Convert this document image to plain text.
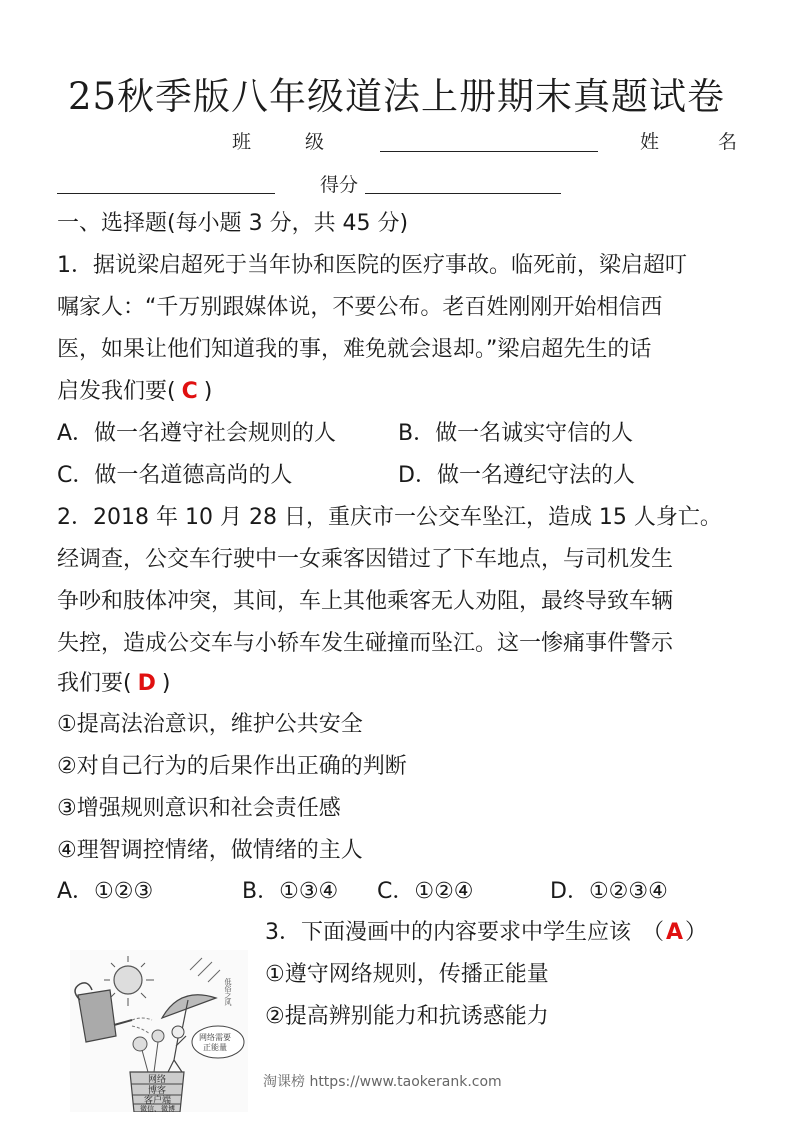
25秋季版八年级道法上册期末真题试卷
班	级	姓	名
得分
一、选择题(每小题 3 分，共 45 分)
1．据说梁启超死于当年协和医院的医疗事故。临死前，梁启超叮
嘱家人：“千万别跟媒体说，不要公布。老百姓刚刚开始相信西
医，如果让他们知道我的事，难免就会退却。”梁启超先生的话
启发我们要( C )
A．做一名遵守社会规则的人	B．做一名诚实守信的人
C．做一名道德高尚的人	D．做一名遵纪守法的人
2．2018 年 10 月 28 日，重庆市一公交车坠江，造成 15 人身亡。
经调查，公交车行驶中一女乘客因错过了下车地点，与司机发生
争吵和肢体冲突，其间，车上其他乘客无人劝阻，最终导致车辆
失控，造成公交车与小轿车发生碰撞而坠江。这一惨痛事件警示
我们要( D )
①提高法治意识，维护公共安全
②对自己行为的后果作出正确的判断
③增强规则意识和社会责任感
④理智调控情绪，做情绪的主人
A．①②③	B．①③④ C．①②④	D．①②③④
3．下面漫画中的内容要求中学生应该　（A）
①遵守网络规则，传播正能量
②提高辨别能力和抗诱惑能力
低俗之风
网络需要
正能量
网络
博客
客户端
微信、微博
淘课榜 https://www.taokerank.com
